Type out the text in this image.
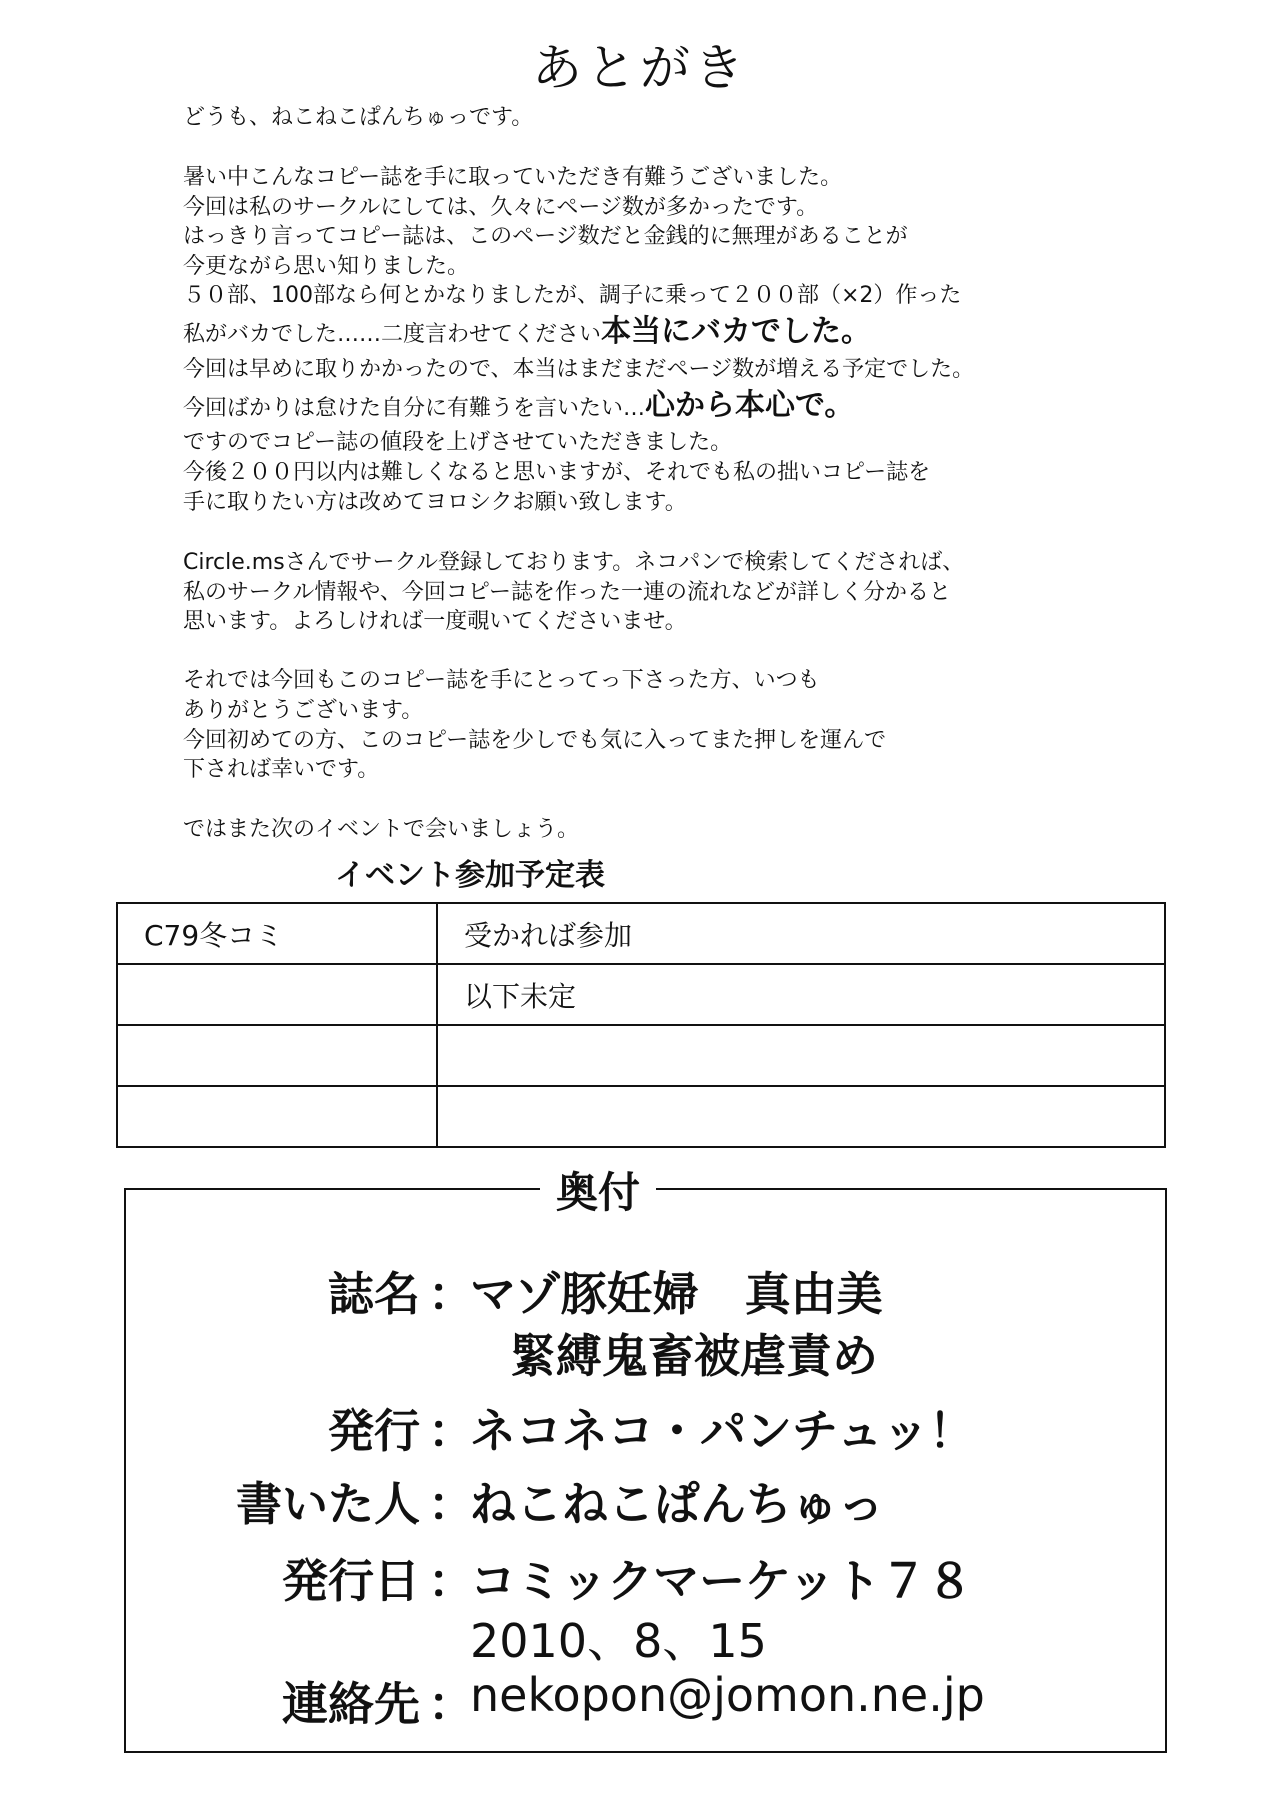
あとがき
どうも、ねこねこぱんちゅっです。
暑い中こんなコピー誌を手に取っていただき有難うございました。
今回は私のサークルにしては、久々にページ数が多かったです。
はっきり言ってコピー誌は、このページ数だと金銭的に無理があることが
今更ながら思い知りました。
５０部、100部なら何とかなりましたが、調子に乗って２００部（×2）作った
私がバカでした……二度言わせてください本当にバカでした。
今回は早めに取りかかったので、本当はまだまだページ数が増える予定でした。
今回ばかりは怠けた自分に有難うを言いたい…心から本心で。
ですのでコピー誌の値段を上げさせていただきました。
今後２００円以内は難しくなると思いますが、それでも私の拙いコピー誌を
手に取りたい方は改めてヨロシクお願い致します。
Circle.msさんでサークル登録しております。ネコパンで検索してくだされば、
私のサークル情報や、今回コピー誌を作った一連の流れなどが詳しく分かると
思います。よろしければ一度覗いてくださいませ。
それでは今回もこのコピー誌を手にとってっ下さった方、いつも
ありがとうございます。
今回初めての方、このコピー誌を少しでも気に入ってまた押しを運んで
下されば幸いです。
ではまた次のイベントで会いましょう。
イベント参加予定表
C79冬コミ	受かれば参加
	以下未定

奥付
誌名 ：
マゾ豚妊婦　真由美
緊縛鬼畜被虐責め
発行 ：
ネコネコ・パンチュッ！
書いた人 ：
ねこねこぱんちゅっ
発行日 ：
コミックマーケット７８
2010、8、15
連絡先 ：
nekopon@jomon.ne.jp
